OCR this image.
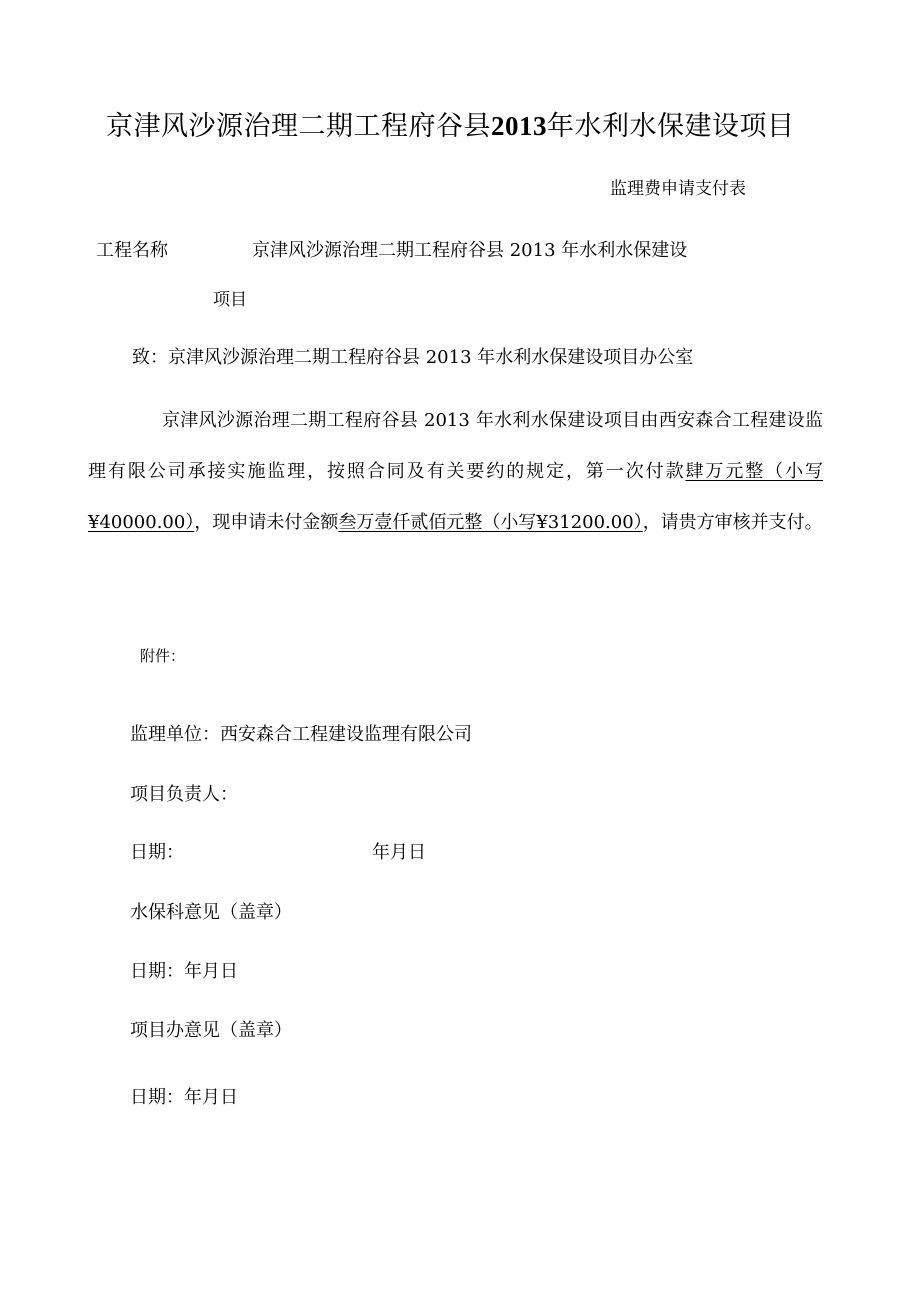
京津风沙源治理二期工程府谷县2013年水利水保建设项目
监理费申请支付表
工程名称	京津风沙源治理二期工程府谷县 2013 年水利水保建设
项目
致：京津风沙源治理二期工程府谷县 2013 年水利水保建设项目办公室
京津风沙源治理二期工程府谷县 2013 年水利水保建设项目由西安森合工程建设监理有限公司承接实施监理，按照合同及有关要约的规定，第一次付款肆万元整（小写¥40000.00），现申请未付金额叁万壹仟贰佰元整（小写¥31200.00），请贵方审核并支付。
附件：
监理单位：西安森合工程建设监理有限公司
项目负责人：
日期：	年月日
水保科意见（盖章）
日期：年月日
项目办意见（盖章）
日期：年月日
